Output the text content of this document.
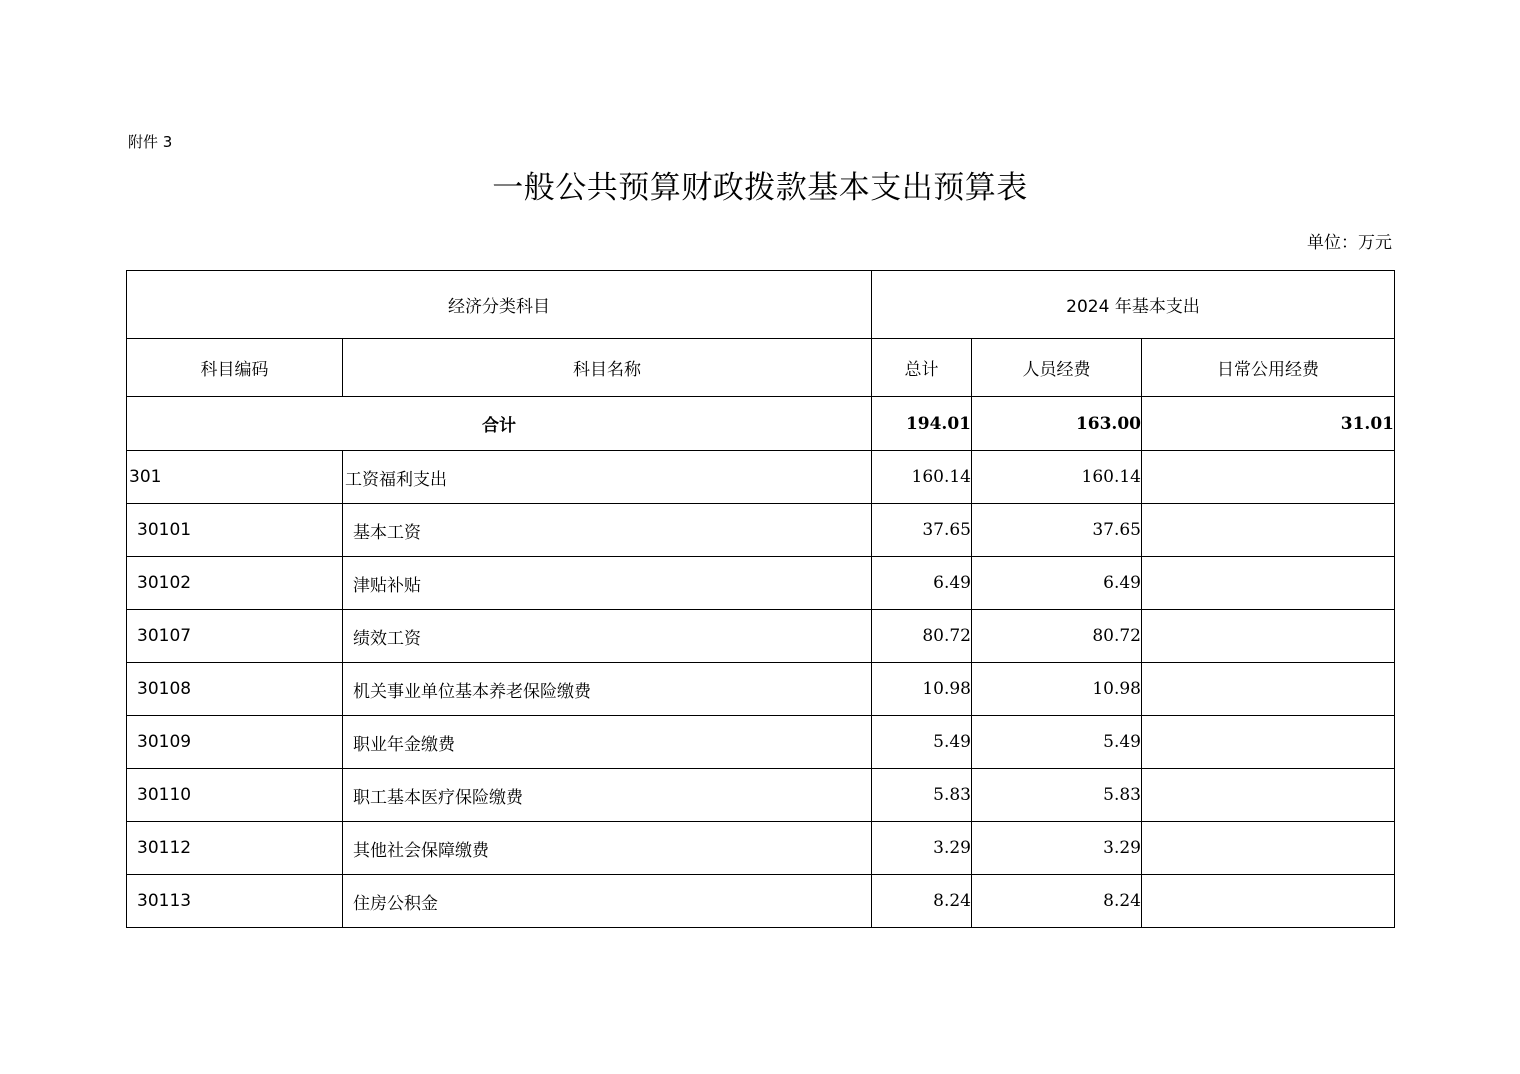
附件 3
一般公共预算财政拨款基本支出预算表
单位：万元
经济分类科目		2024 年基本支出		
科目编码	科目名称	总计	人员经费	日常公用经费
合计		194.01	163.00	31.01
301	工资福利支出	160.14	160.14	
30101	基本工资	37.65	37.65	
30102	津贴补贴	6.49	6.49	
30107	绩效工资	80.72	80.72	
30108	机关事业单位基本养老保险缴费	10.98	10.98	
30109	职业年金缴费	5.49	5.49	
30110	职工基本医疗保险缴费	5.83	5.83	
30112	其他社会保障缴费	3.29	3.29	
30113	住房公积金	8.24	8.24	
